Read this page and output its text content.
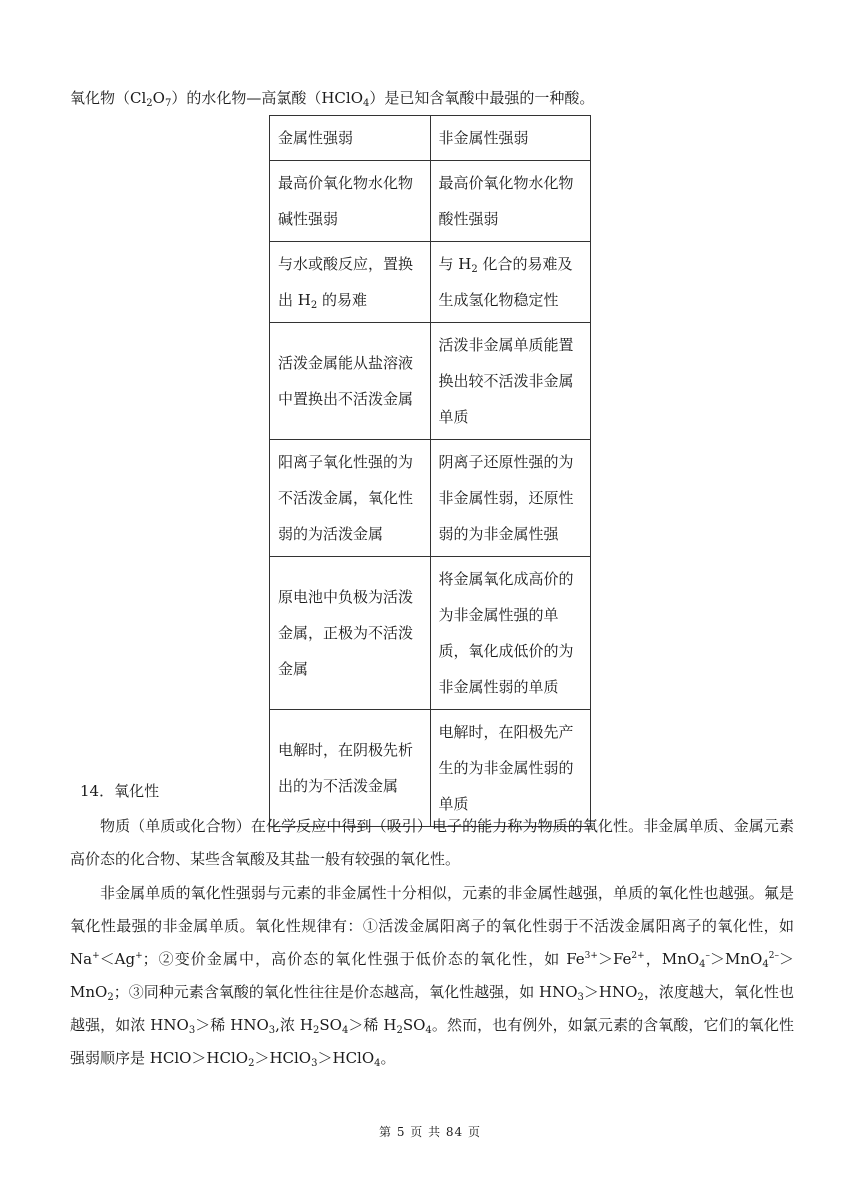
氧化物$(Cl_2O_7)$的水化物—高氯酸（HClO$_4$）是已知含氧酸中最强的一种酸。
金属性强弱	非金属性强弱
最高价氧化物水化物碱性强弱	最高价氧化物水化物酸性强弱
与水或酸反应，置换出 $H_2$ 的易难	与 $H_2$ 化合的易难及生成氢化物稳定性
活泼金属能从盐溶液中置换出不活泼金属	活泼非金属单质能置换出较不活泼非金属单质
阳离子氧化性强的为不活泼金属，氧化性弱的为活泼金属	阴离子还原性强的为非金属性弱，还原性弱的为非金属性强
原电池中负极为活泼金属，正极为不活泼金属	将金属氧化成高价的为非金属性强的单质，氧化成低价的为非金属性弱的单质
电解时，在阴极先析出的为不活泼金属	电解时，在阳极先产生的为非金属性弱的单质
14．氧化性
物质（单质或化合物）在化学反应中得到（吸引）电子的能力称为物质的氧化性。非金属单质、金属元素高价态的化合物、某些含氧酸及其盐一般有较强的氧化性。
非金属单质的氧化性强弱与元素的非金属性十分相似，元素的非金属性越强，单质的氧化性也越强。氟是氧化性最强的非金属单质。氧化性规律有：①活泼金属阳离子的氧化性弱于不活泼金属阳离子的氧化性，如 Na+＜Ag+；②变价金属中，高价态的氧化性强于低价态的氧化性，如 $Fe^{3+}>Fe^{2+}$，MnO$_4$–＞MnO$_4^{2-}$＞MnO$_2$；③同种元素含氧酸的氧化性往往是价态越高，氧化性越强，如 $HNO_3>HNO_2$，浓度越大，氧化性也越强，如浓 $HNO_3>$稀 $HNO_3$,浓 $H_2SO_4>$稀 $H_2SO_4$。然而，也有例外，如氯元素的含氧酸，它们的氧化性强弱顺序是 HClO＞HClO$_2$＞HClO$_3$＞HClO$_4$。
第 5 页 共 84 页
